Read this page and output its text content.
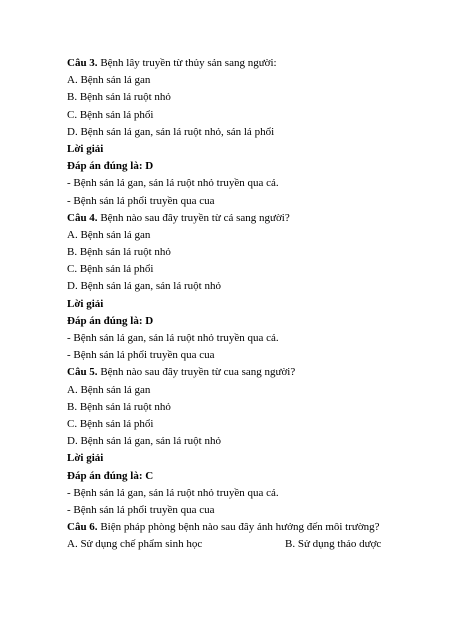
Câu 3. Bệnh lây truyền từ thủy sản sang người:
A. Bệnh sán lá gan
B. Bệnh sán lá ruột nhỏ
C. Bệnh sán lá phổi
D. Bệnh sán lá gan, sán lá ruột nhỏ, sán lá phổi
Lời giải
Đáp án đúng là: D
- Bệnh sán lá gan, sán lá ruột nhỏ truyền qua cá.
- Bệnh sán lá phổi truyền qua cua
Câu 4. Bệnh nào sau đây truyền từ cá sang người?
A. Bệnh sán lá gan
B. Bệnh sán lá ruột nhỏ
C. Bệnh sán lá phổi
D. Bệnh sán lá gan, sán lá ruột nhỏ
Lời giải
Đáp án đúng là: D
- Bệnh sán lá gan, sán lá ruột nhỏ truyền qua cá.
- Bệnh sán lá phổi truyền qua cua
Câu 5. Bệnh nào sau đây truyền từ cua sang người?
A. Bệnh sán lá gan
B. Bệnh sán lá ruột nhỏ
C. Bệnh sán lá phổi
D. Bệnh sán lá gan, sán lá ruột nhỏ
Lời giải
Đáp án đúng là: C
- Bệnh sán lá gan, sán lá ruột nhỏ truyền qua cá.
- Bệnh sán lá phổi truyền qua cua
Câu 6. Biện pháp phòng bệnh nào sau đây ảnh hưởng đến môi trường?
A. Sử dụng chế phẩm sinh học	B. Sử dụng thảo dược
